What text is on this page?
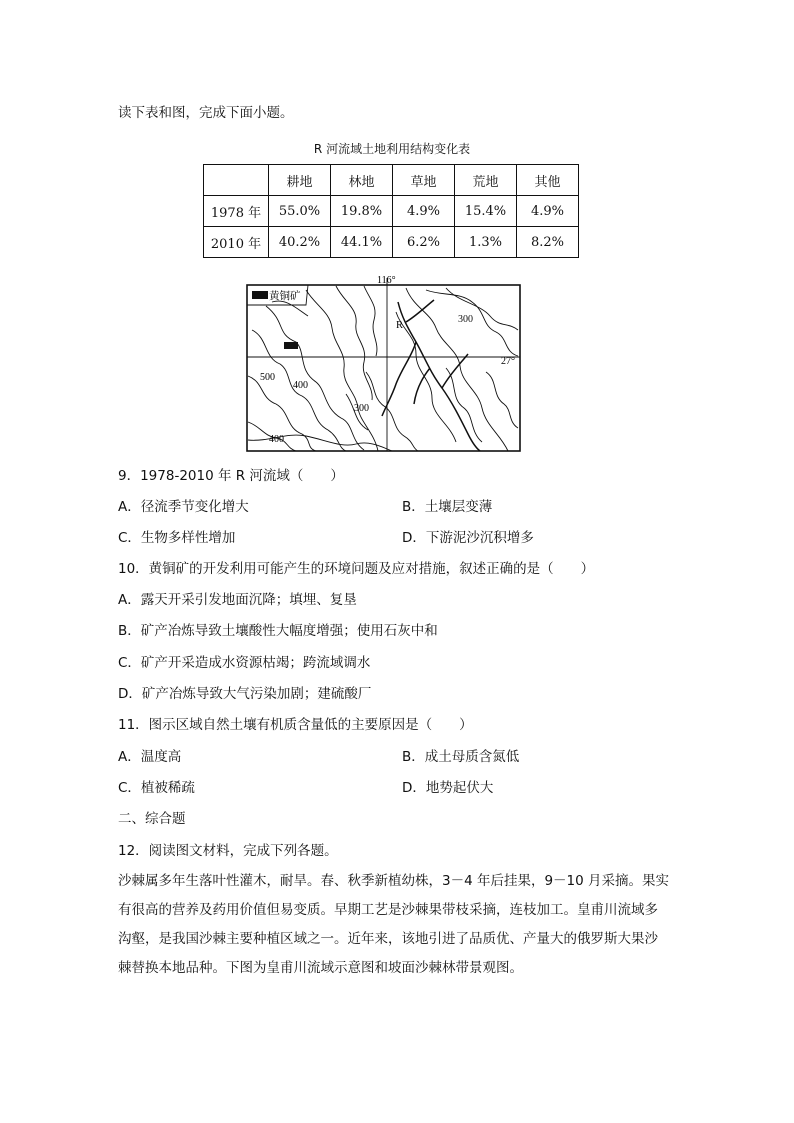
读下表和图，完成下面小题。
R 河流域土地利用结构变化表
	耕地	林地	草地	荒地	其他
1978 年	55.0%	19.8%	4.9%	15.4%	4.9%
2010 年	40.2%	44.1%	6.2%	1.3%	8.2%
116°
27°
黄铜矿
R
300
500
400
300
400
9．1978-2010 年 R 河流域（　　）
A．径流季节变化增大	B．土壤层变薄
C．生物多样性增加	D．下游泥沙沉积增多
10．黄铜矿的开发利用可能产生的环境问题及应对措施，叙述正确的是（　　）
A．露天开采引发地面沉降；填埋、复垦
B．矿产冶炼导致土壤酸性大幅度增强；使用石灰中和
C．矿产开采造成水资源枯竭；跨流域调水
D．矿产冶炼导致大气污染加剧；建硫酸厂
11．图示区域自然土壤有机质含量低的主要原因是（　　）
A．温度高	B．成土母质含氮低
C．植被稀疏	D．地势起伏大
二、综合题
12．阅读图文材料，完成下列各题。
沙棘属多年生落叶性灌木，耐旱。春、秋季新植幼株，3－4 年后挂果，9－10 月采摘。果实
有很高的营养及药用价值但易变质。早期工艺是沙棘果带枝采摘，连枝加工。皇甫川流域多
沟壑，是我国沙棘主要种植区域之一。近年来，该地引进了品质优、产量大的俄罗斯大果沙
棘替换本地品种。下图为皇甫川流域示意图和坡面沙棘林带景观图。
